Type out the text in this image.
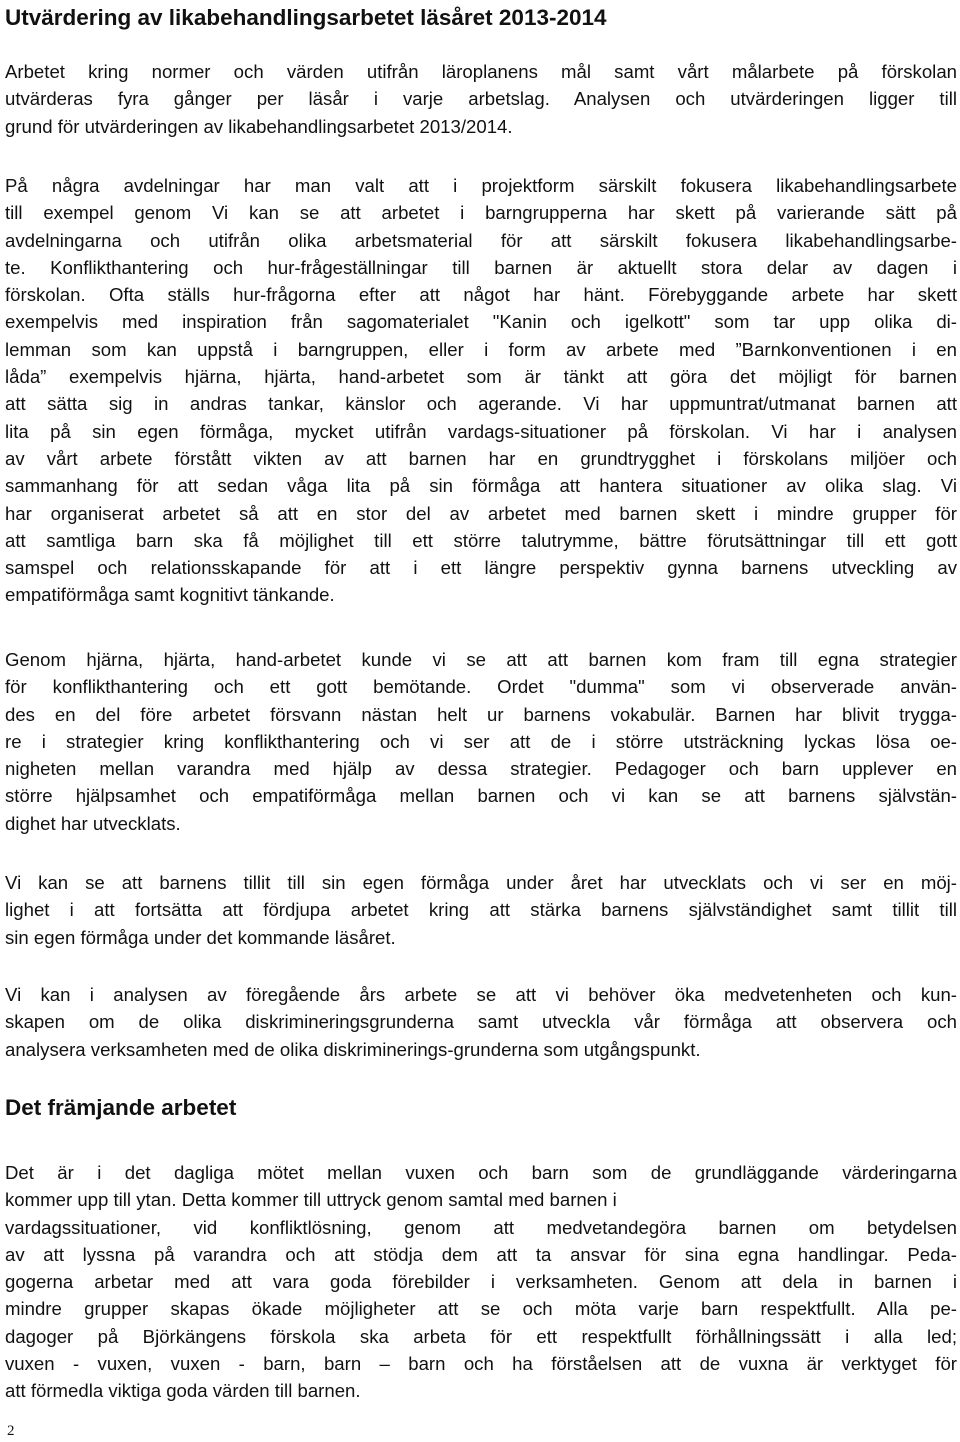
Utvärdering av likabehandlingsarbetet läsåret 2013-2014
Arbetet kring normer och värden utifrån läroplanens mål samt vårt målarbete på förskolan
utvärderas fyra gånger per läsår i varje arbetslag. Analysen och utvärderingen ligger till
grund för utvärderingen av likabehandlingsarbetet 2013/2014.
På några avdelningar har man valt att i projektform särskilt fokusera likabehandlingsarbete
till exempel genom Vi kan se att arbetet i barngrupperna har skett på varierande sätt på
avdelningarna och utifrån olika arbetsmaterial för att särskilt fokusera likabehandlingsarbe-
te. Konflikthantering och hur-frågeställningar till barnen är aktuellt stora delar av dagen i
förskolan. Ofta ställs hur-frågorna efter att något har hänt. Förebyggande arbete har skett
exempelvis med inspiration från sagomaterialet "Kanin och igelkott" som tar upp olika di-
lemman som kan uppstå i barngruppen, eller i form av arbete med ”Barnkonventionen i en
låda” exempelvis hjärna, hjärta, hand-arbetet som är tänkt att göra det möjligt för barnen
att sätta sig in andras tankar, känslor och agerande. Vi har uppmuntrat/utmanat barnen att
lita på sin egen förmåga, mycket utifrån vardags-situationer på förskolan. Vi har i analysen
av vårt arbete förstått vikten av att barnen har en grundtrygghet i förskolans miljöer och
sammanhang för att sedan våga lita på sin förmåga att hantera situationer av olika slag. Vi
har organiserat arbetet så att en stor del av arbetet med barnen skett i mindre grupper för
att samtliga barn ska få möjlighet till ett större talutrymme, bättre förutsättningar till ett gott
samspel och relationsskapande för att i ett längre perspektiv gynna barnens utveckling av
empatiförmåga samt kognitivt tänkande.
Genom hjärna, hjärta, hand-arbetet kunde vi se att att barnen kom fram till egna strategier
för konflikthantering och ett gott bemötande. Ordet "dumma" som vi observerade använ-
des en del före arbetet försvann nästan helt ur barnens vokabulär. Barnen har blivit trygga-
re i strategier kring konflikthantering och vi ser att de i större utsträckning lyckas lösa oe-
nigheten mellan varandra med hjälp av dessa strategier. Pedagoger och barn upplever en
större hjälpsamhet och empatiförmåga mellan barnen och vi kan se att barnens självstän-
dighet har utvecklats.
Vi kan se att barnens tillit till sin egen förmåga under året har utvecklats och vi ser en möj-
lighet i att fortsätta att fördjupa arbetet kring att stärka barnens självständighet samt tillit till
sin egen förmåga under det kommande läsåret.
Vi kan i analysen av föregående års arbete se att vi behöver öka medvetenheten och kun-
skapen om de olika diskrimineringsgrunderna samt utveckla vår förmåga att observera och
analysera verksamheten med de olika diskriminerings-grunderna som utgångspunkt.
Det främjande arbetet
Det är i det dagliga mötet mellan vuxen och barn som de grundläggande värderingarna
kommer upp till ytan. Detta kommer till uttryck genom samtal med barnen i
vardagssituationer, vid konfliktlösning, genom att medvetandegöra barnen om betydelsen
av att lyssna på varandra och att stödja dem att ta ansvar för sina egna handlingar. Peda-
gogerna arbetar med att vara goda förebilder i verksamheten. Genom att dela in barnen i
mindre grupper skapas ökade möjligheter att se och möta varje barn respektfullt. Alla pe-
dagoger på Björkängens förskola ska arbeta för ett respektfullt förhållningssätt i alla led;
vuxen - vuxen, vuxen - barn, barn – barn och ha förståelsen att de vuxna är verktyget för
att förmedla viktiga goda värden till barnen.
2
